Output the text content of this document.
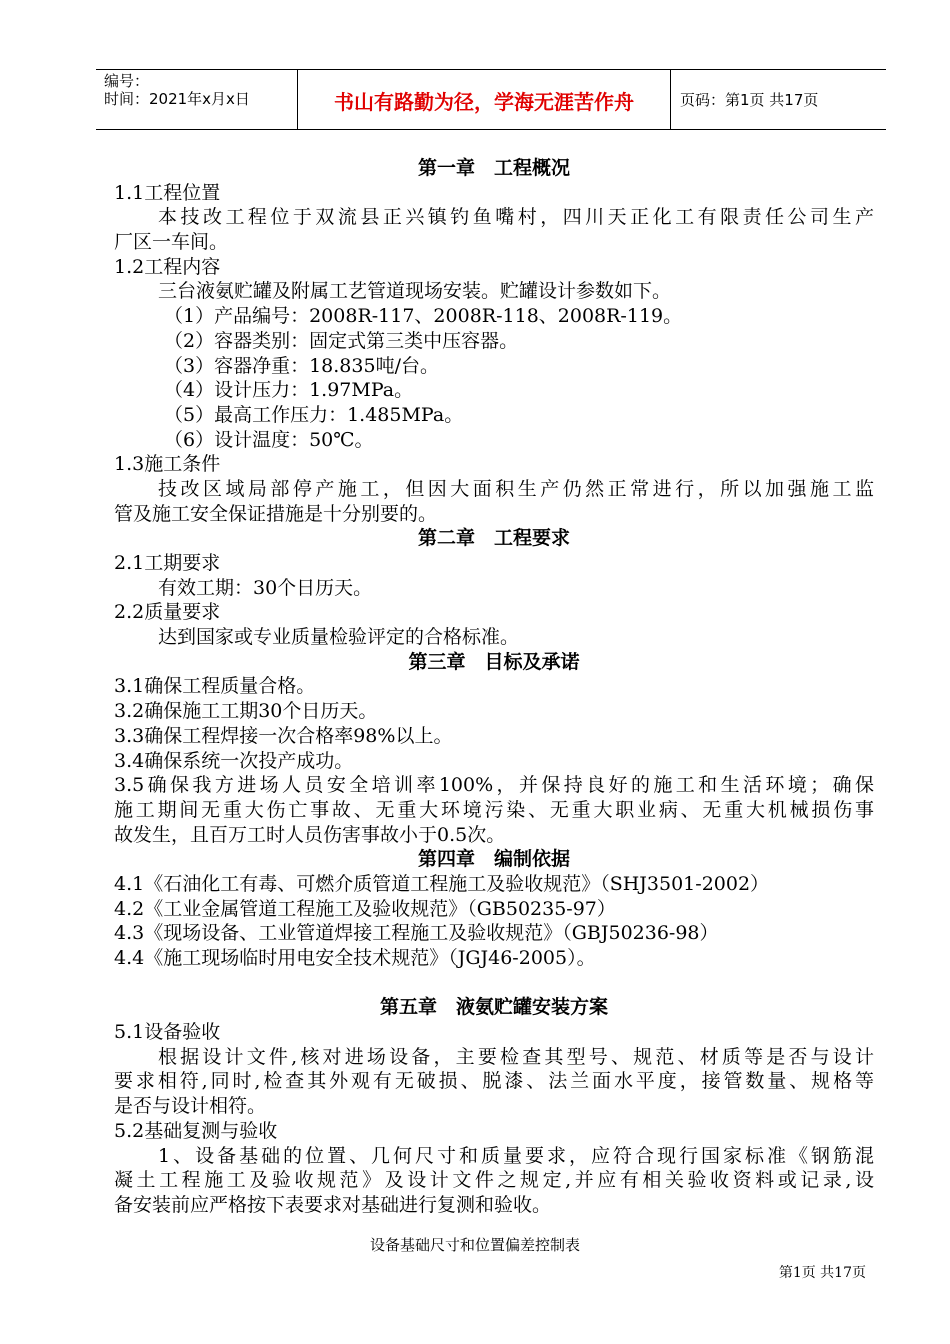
编号：
时间：2021年x月x日	书山有路勤为径，学海无涯苦作舟	页码：第1页 共17页
第一章　工程概况
1.1工程位置
本技改工程位于双流县正兴镇钓鱼嘴村，四川天正化工有限责任公司生产
厂区一车间。
1.2工程内容
三台液氨贮罐及附属工艺管道现场安装。贮罐设计参数如下。
（1）产品编号：2008R-117、2008R-118、2008R-119。
（2）容器类别：固定式第三类中压容器。
（3）容器净重：18.835吨/台。
（4）设计压力：1.97MPa。
（5）最高工作压力：1.485MPa。
（6）设计温度：50℃。
1.3施工条件
技改区域局部停产施工，但因大面积生产仍然正常进行，所以加强施工监
管及施工安全保证措施是十分别要的。
第二章　工程要求
2.1工期要求
有效工期：30个日历天。
2.2质量要求
达到国家或专业质量检验评定的合格标准。
第三章　目标及承诺
3.1确保工程质量合格。
3.2确保施工工期30个日历天。
3.3确保工程焊接一次合格率98%以上。
3.4确保系统一次投产成功。
3.5确保我方进场人员安全培训率100%，并保持良好的施工和生活环境；确保
施工期间无重大伤亡事故、无重大环境污染、无重大职业病、无重大机械损伤事
故发生，且百万工时人员伤害事故小于0.5次。
第四章　编制依据
4.1《石油化工有毒、可燃介质管道工程施工及验收规范》（SHJ3501-2002）
4.2《工业金属管道工程施工及验收规范》（GB50235-97）
4.3《现场设备、工业管道焊接工程施工及验收规范》（GBJ50236-98）
4.4《施工现场临时用电安全技术规范》（JGJ46-2005）。
第五章　液氨贮罐安装方案
5.1设备验收
根据设计文件,核对进场设备，主要检查其型号、规范、材质等是否与设计
要求相符,同时,检查其外观有无破损、脱漆、法兰面水平度，接管数量、规格等
是否与设计相符。
5.2基础复测与验收
1、设备基础的位置、几何尺寸和质量要求，应符合现行国家标准《钢筋混
凝土工程施工及验收规范》及设计文件之规定,并应有相关验收资料或记录,设
备安装前应严格按下表要求对基础进行复测和验收。
设备基础尺寸和位置偏差控制表
第1页 共17页
